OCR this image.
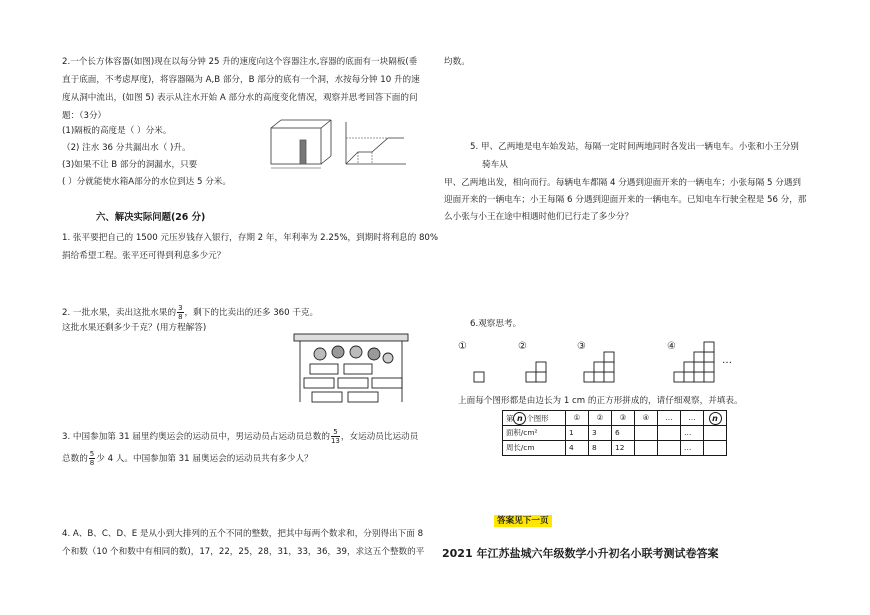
2.一个长方体容器(如图)现在以每分钟 25 升的速度向这个容器注水,容器的底面有一块隔板(垂
直于底面，不考虑厚度)，将容器隔为 A,B 部分，B 部分的底有一个洞，水按每分钟 10 升的速
度从洞中流出，(如图 5) 表示从注水开始 A 部分水的高度变化情况，观察并思考回答下面的问
题：（3分）
(1)隔板的高度是（ ）分米。
（2) 注水 36 分共漏出水（ )升。
(3)如果不让 B 部分的洞漏水，只要
( ）分就能使水箱A部分的水位到达 5 分米。
六、解决实际问题(26 分)
1. 张平要把自己的 1500 元压岁钱存入银行，存期 2 年，年利率为 2.25%，到期时将利息的 80%
捐给希望工程。张平还可得到利息多少元？
2. 一批水果，卖出这批水果的 $\frac{3}{8}$ ，剩下的比卖出的还多 360 千克。
这批水果还剩多少千克？(用方程解答)
3. 中国参加第 31 届里约奥运会的运动员中，男运动员占运动员总数的 $\frac{5}{13}$ ，女运动员比运动员
总数的 $\frac{5}{8}$ 少 4 人。中国参加第 31 届奥运会的运动员共有多少人？
4. A、B、C、D、E 是从小到大排列的五个不同的整数，把其中每两个数求和，分别得出下面 8
个和数（10 个和数中有相同的数)，17，22，25，28，31，33，36，39，求这五个整数的平
均数。
5. 甲、乙两地是电车始发站，每隔一定时间两地同时各发出一辆电车。小张和小王分别
骑车从
甲、乙两地出发，相向而行。每辆电车都隔 4 分遇到迎面开来的一辆电车；小张每隔 5 分遇到
迎面开来的一辆电车；小王每隔 6 分遇到迎面开来的一辆电车。已知电车行驶全程是 56 分，那
么小张与小王在途中相遇时他们已行走了多少分？
6.观察思考。
①	②	③	④
…
上面每个图形都是由边长为 1 cm 的正方形拼成的，请仔细观察，并填表。
第 n 个图形	①	②	③	④	…	…	n
面积/cm²	1	3	6			…	
周长/cm	4	8	12			…	
答案见下一页
2021 年江苏盐城六年级数学小升初名小联考测试卷答案
